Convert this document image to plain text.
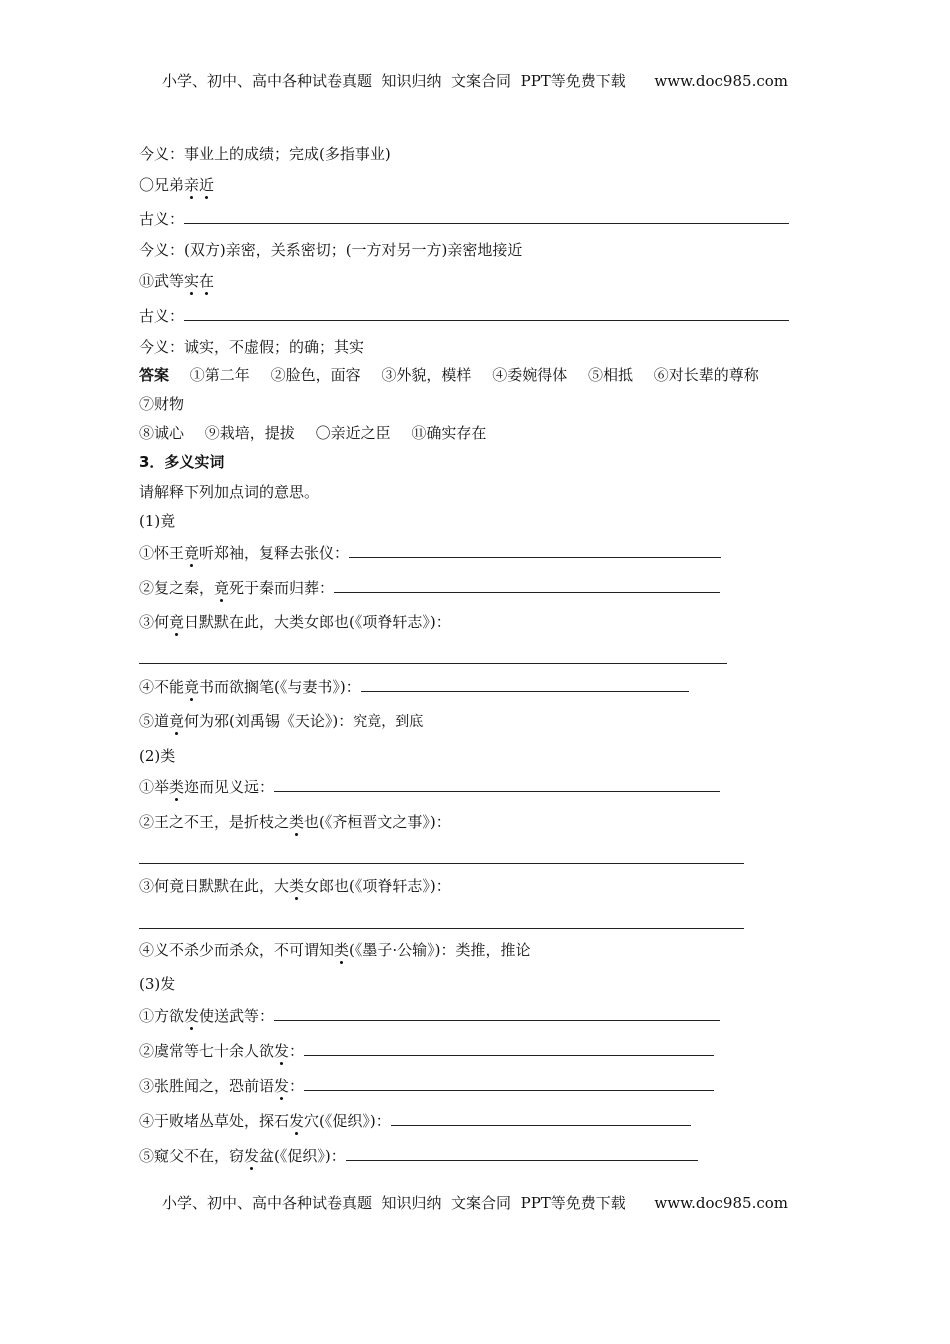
小学、初中、高中各种试卷真题  知识归纳  文案合同  PPT等免费下载      www.doc985.com
今义：事业上的成绩；完成(多指事业)
〇兄弟亲近
古义：
今义：(双方)亲密，关系密切；(一方对另一方)亲密地接近
⑪武等实在
古义：
今义：诚实，不虚假；的确；其实
答案 ①第二年 ②脸色，面容 ③外貌，模样 ④委婉得体 ⑤相抵 ⑥对长辈的尊称
⑦财物
⑧诚心 ⑨栽培，提拔 〇亲近之臣 ⑪确实存在
3．多义实词
请解释下列加点词的意思。
(1)竟
①怀王竟听郑袖，复释去张仪：
②复之秦，竟死于秦而归葬：
③何竟日默默在此，大类女郎也(《项脊轩志》)：
④不能竟书而欲搁笔(《与妻书》)：
⑤道竟何为邪(刘禹锡《天论》)：究竟，到底
(2)类
①举类迩而见义远：
②王之不王，是折枝之类也(《齐桓晋文之事》)：
③何竟日默默在此，大类女郎也(《项脊轩志》)：
④义不杀少而杀众，不可谓知类(《墨子·公输》)：类推，推论
(3)发
①方欲发使送武等：
②虞常等七十余人欲发：
③张胜闻之，恐前语发：
④于败堵丛草处，探石发穴(《促织》)：
⑤窥父不在，窃发盆(《促织》)：
小学、初中、高中各种试卷真题  知识归纳  文案合同  PPT等免费下载      www.doc985.com
